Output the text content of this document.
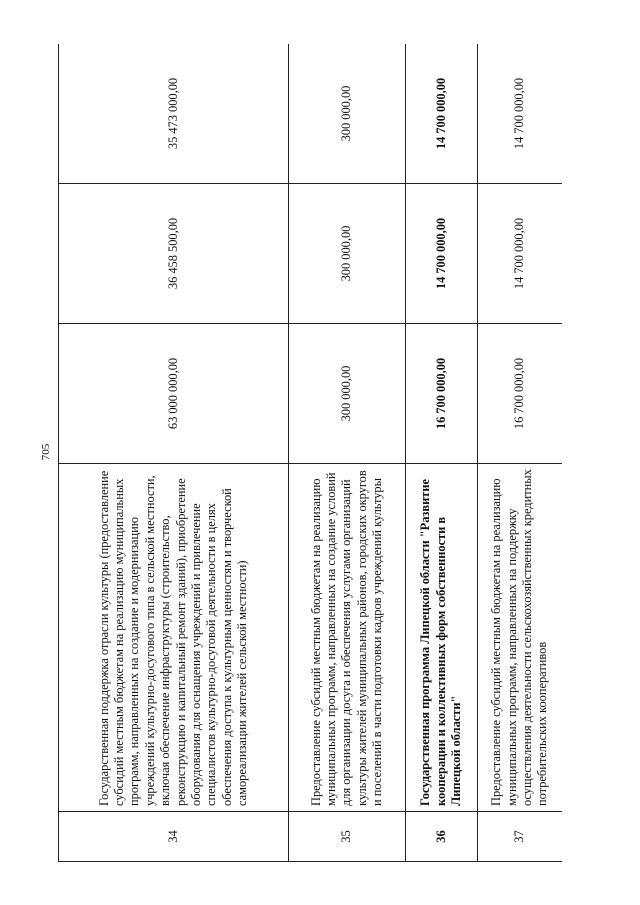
705
34	Государственная поддержка отрасли культуры (предоставление субсидий местным бюджетам на реализацию муниципальных программ, направленных на создание и модернизацию учреждений культурно-досугового типа в сельской местности, включая обеспечение инфраструктуры (строительство, реконструкцию и капитальный ремонт зданий), приобретение оборудования для оснащения учреждений и привлечение специалистов культурно-досуговой деятельности в целях обеспечения доступа к культурным ценностям и творческой самореализации жителей сельской местности)	63 000 000,00	36 458 500,00	35 473 000,00
35	Предоставление субсидий местным бюджетам на реализацию муниципальных программ, направленных на создание условий для организации досуга и обеспечения услугами организаций культуры жителей муниципальных районов, городских округов и поселений в части подготовки кадров учреждений культуры	300 000,00	300 000,00	300 000,00
36	Государственная программа Липецкой области "Развитие кооперации и коллективных форм собственности в Липецкой области"	16 700 000,00	14 700 000,00	14 700 000,00
37	Предоставление субсидий местным бюджетам на реализацию муниципальных программ, направленных на поддержку осуществления деятельности сельскохозяйственных кредитных потребительских кооперативов	16 700 000,00	14 700 000,00	14 700 000,00
